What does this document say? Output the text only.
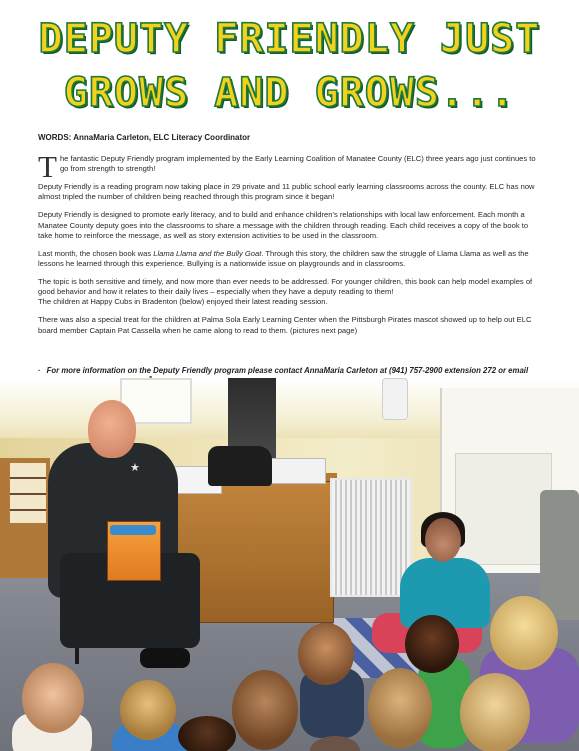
DEPUTY FRIENDLY JUST
GROWS AND GROWS...
WORDS: AnnaMaria Carleton, ELC Literacy Coordinator

The fantastic Deputy Friendly program implemented by the Early Learning Coalition of Manatee County (ELC) three years ago just continues to go from strength to strength!

Deputy Friendly is a reading program now taking place in 29 private and 11 public school early learning classrooms across the county. ELC has now almost tripled the number of children being reached through this program since it began!

Deputy Friendly is designed to promote early literacy, and to build and enhance children's relationships with local law enforcement. Each month a Manatee County deputy goes into the classrooms to share a message with the children through reading. Each child receives a copy of the book to take home to reinforce the message, as well as story extension activities to be used in the classroom.

Last month, the chosen book was Llama Llama and the Bully Goat. Through this story, the children saw the struggle of Llama Llama as well as the lessons he learned through this experience. Bullying is a nationwide issue on playgrounds and in classrooms.

The topic is both sensitive and timely, and now more than ever needs to be addressed. For younger children, this book can help model examples of good behavior and how it relates to their daily lives – especially when they have a deputy reading to them!
The children at Happy Cubs in Bradenton (below) enjoyed their latest reading session.

There was also a special treat for the children at Palma Sola Early Learning Center when the Pittsburgh Pirates mascot showed up to help out ELC board member Captain Pat Cassella when he came along to read to them. (pictures next page)

· For more information on the Deputy Friendly program please contact AnnaMaria Carleton at (941) 757-2900 extension 272 or email
★
